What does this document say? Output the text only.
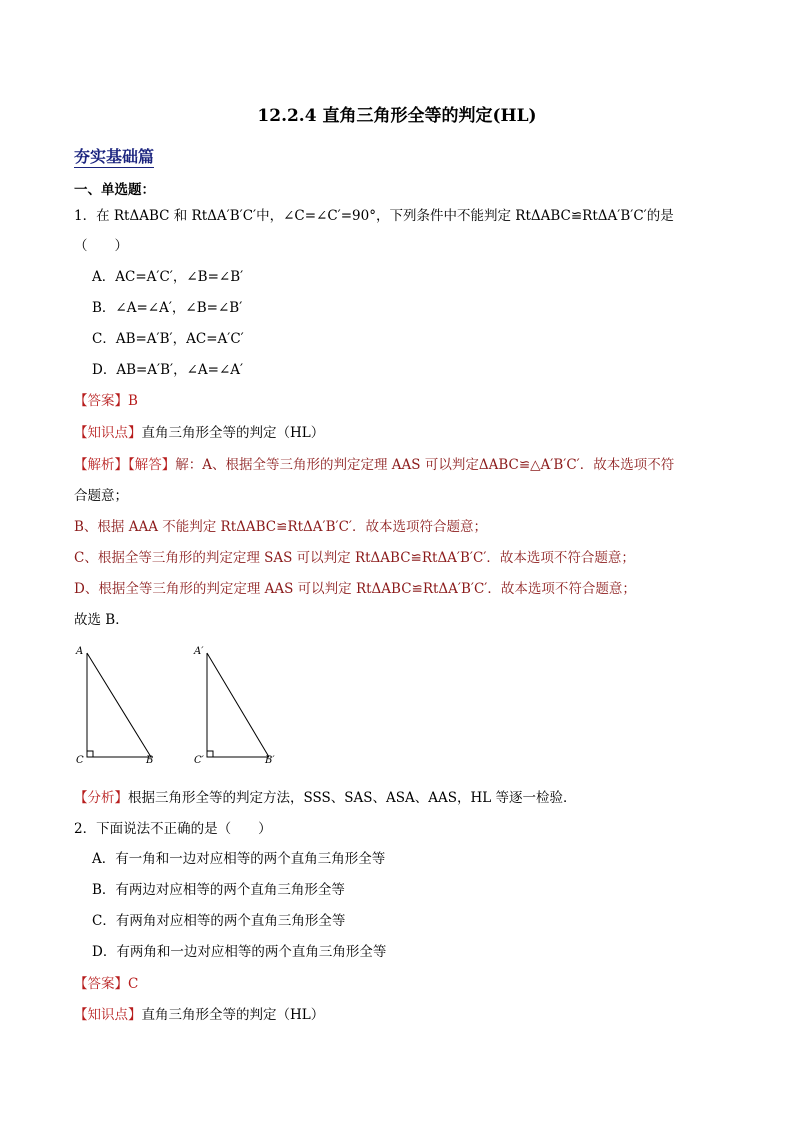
12.2.4 直角三角形全等的判定(HL)
夯实基础篇
一、单选题：
1．在 RtΔABC 和 RtΔA′B′C′中，∠C=∠C′=90°，下列条件中不能判定 RtΔABC≌RtΔA′B′C′的是
（　　）
A．AC=A′C′，∠B=∠B′
B．∠A=∠A′，∠B=∠B′
C．AB=A′B′，AC=A′C′
D．AB=A′B′，∠A=∠A′
【答案】B
【知识点】直角三角形全等的判定（HL）
【解析】【解答】解：A、根据全等三角形的判定定理 AAS 可以判定ΔABC≌△A′B′C′．故本选项不符
合题意；
B、根据 AAA 不能判定 RtΔABC≌RtΔA′B′C′．故本选项符合题意；
C、根据全等三角形的判定定理 SAS 可以判定 RtΔABC≌RtΔA′B′C′．故本选项不符合题意；
D、根据全等三角形的判定定理 AAS 可以判定 RtΔABC≌RtΔA′B′C′．故本选项不符合题意；
故选 B．
A
C	B
A′
C′	B′
【分析】根据三角形全等的判定方法，SSS、SAS、ASA、AAS，HL 等逐一检验．
2．下面说法不正确的是（　　）
A．有一角和一边对应相等的两个直角三角形全等
B．有两边对应相等的两个直角三角形全等
C．有两角对应相等的两个直角三角形全等
D．有两角和一边对应相等的两个直角三角形全等
【答案】C
【知识点】直角三角形全等的判定（HL）
